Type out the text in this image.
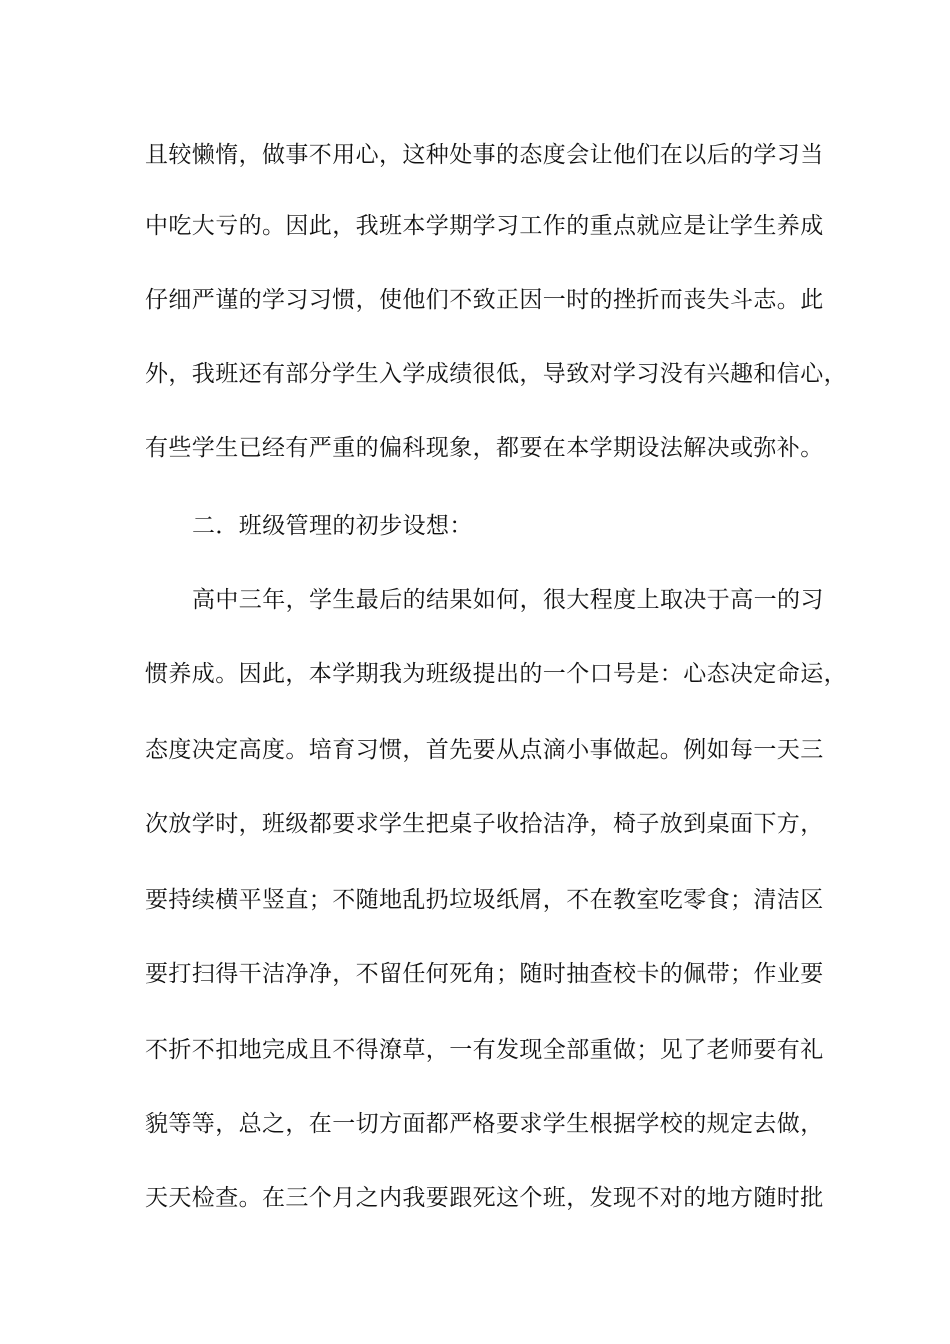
且较懒惰，做事不用心，这种处事的态度会让他们在以后的学习当
中吃大亏的。因此，我班本学期学习工作的重点就应是让学生养成
仔细严谨的学习习惯，使他们不致正因一时的挫折而丧失斗志。此
外，我班还有部分学生入学成绩很低，导致对学习没有兴趣和信心，
有些学生已经有严重的偏科现象，都要在本学期设法解决或弥补。
二．班级管理的初步设想：
高中三年，学生最后的结果如何，很大程度上取决于高一的习
惯养成。因此，本学期我为班级提出的一个口号是：心态决定命运，
态度决定高度。培育习惯，首先要从点滴小事做起。例如每一天三
次放学时，班级都要求学生把桌子收拾洁净，椅子放到桌面下方，
要持续横平竖直；不随地乱扔垃圾纸屑，不在教室吃零食；清洁区
要打扫得干洁净净，不留任何死角；随时抽查校卡的佩带；作业要
不折不扣地完成且不得潦草，一有发现全部重做；见了老师要有礼
貌等等，总之，在一切方面都严格要求学生根据学校的规定去做，
天天检查。在三个月之内我要跟死这个班，发现不对的地方随时批
